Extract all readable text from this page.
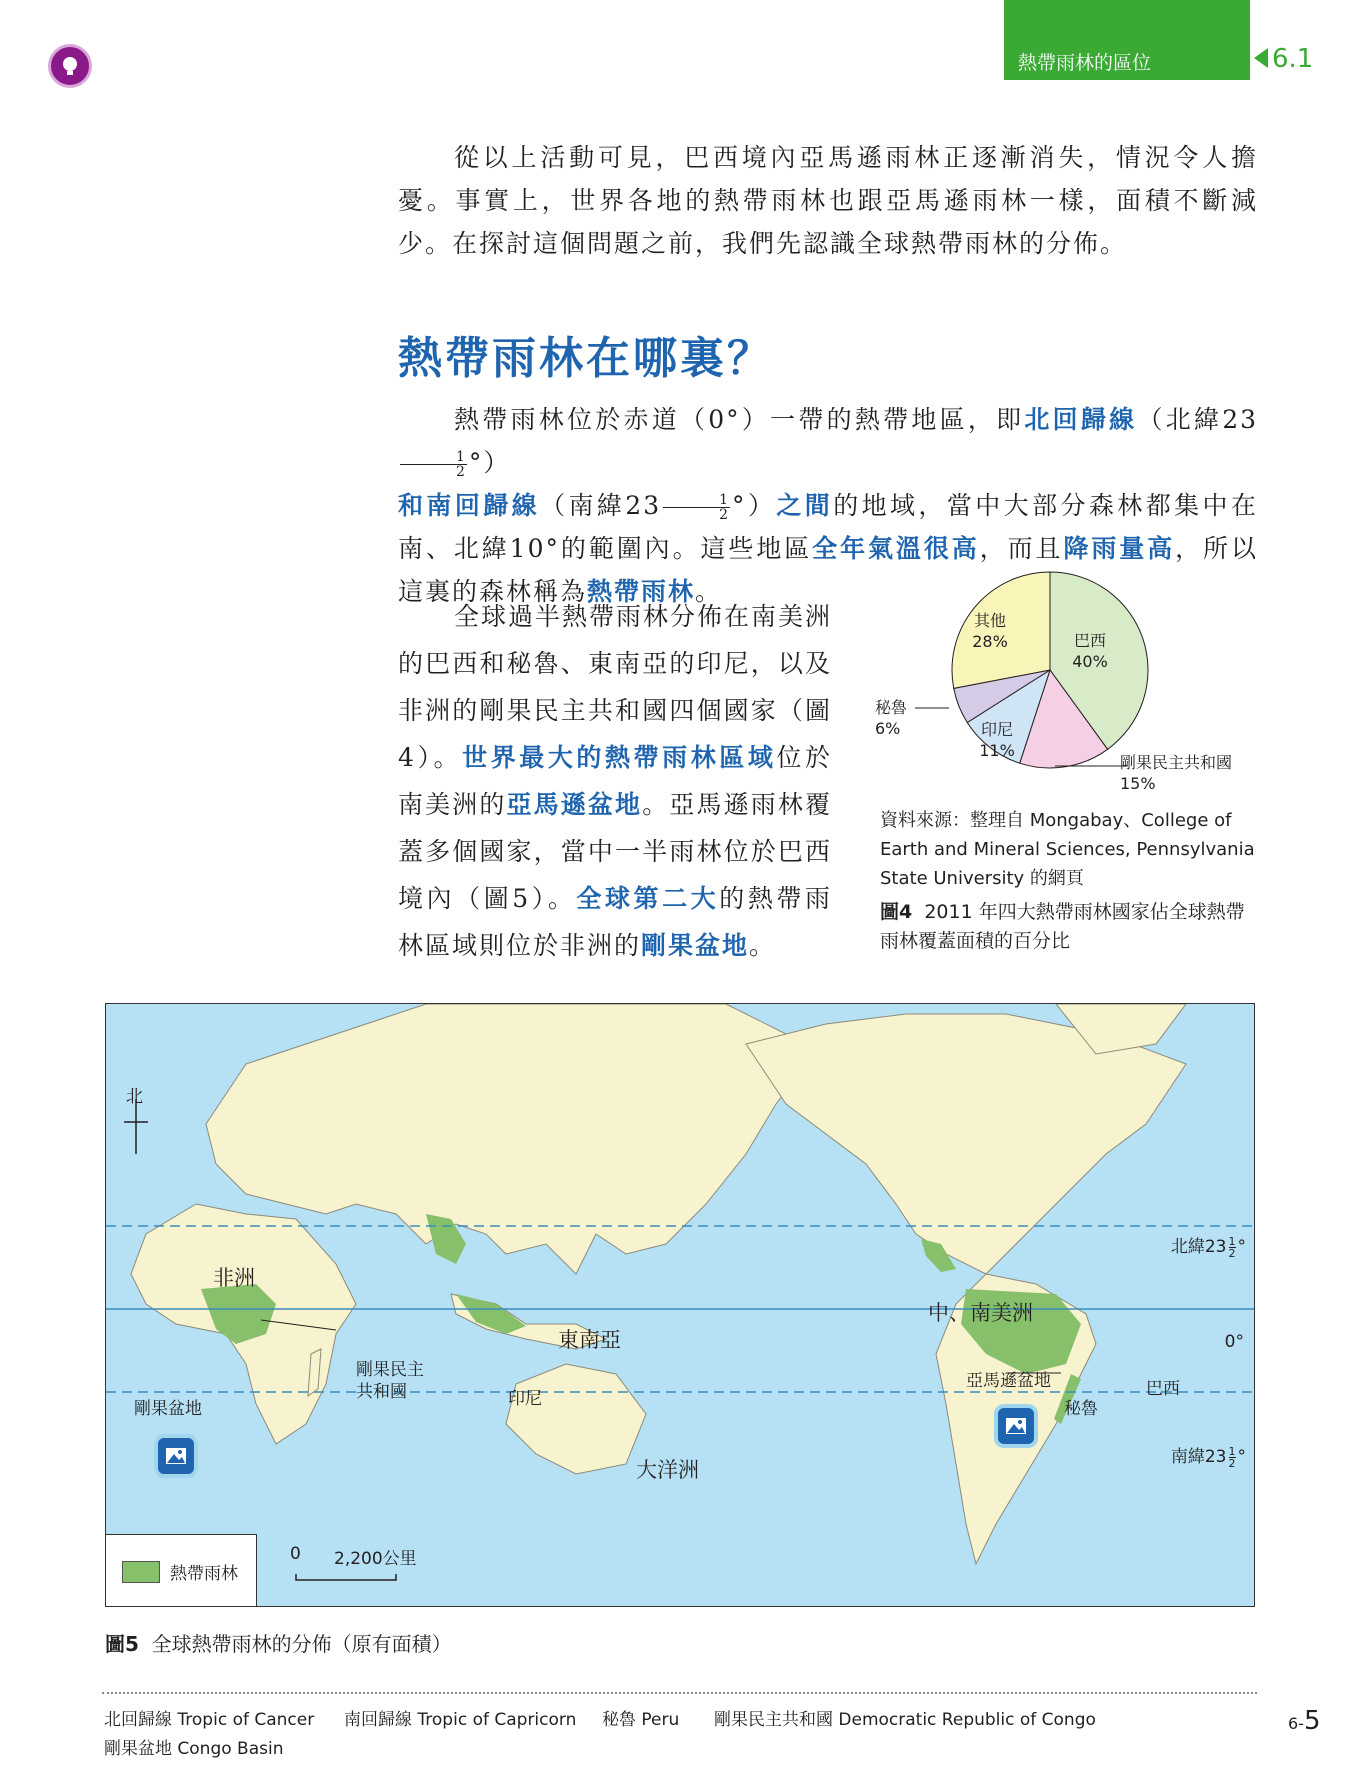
熱帶雨林的區位	6.1
從以上活動可見，巴西境內亞馬遜雨林正逐漸消失，情況令人擔憂。事實上，世界各地的熱帶雨林也跟亞馬遜雨林一樣，面積不斷減少。在探討這個問題之前，我們先認識全球熱帶雨林的分佈。
熱帶雨林在哪裏？
熱帶雨林位於赤道（0°）一帶的熱帶地區，即北回歸線（北緯23
$\frac{1}{2}$ °）
和南回歸線（南緯$23 \frac{1}{2}$ °）之間的地域，當中大部分森林都集中在南、北緯10°的範圍內。這些地區全年氣溫很高，而且降雨量高，所以這裏的森林稱為熱帶雨林。
全球過半熱帶雨林分佈在南美洲的巴西和秘魯、東南亞的印尼，以及非洲的剛果民主共和國四個國家（圖4）。世界最大的熱帶雨林區域位於南美洲的亞馬遜盆地。亞馬遜雨林覆蓋多個國家，當中一半雨林位於巴西境內（圖5）。全球第二大的熱帶雨林區域則位於非洲的剛果盆地。
其他
28%	巴西
40%
印尼
11%
秘魯
6%
剛果民主共和國
15%
資料來源：整理自 Mongabay、College of Earth and Mineral Sciences, Pennsylvania State University 的網頁
圖4 2011 年四大熱帶雨林國家佔全球熱帶雨林覆蓋面積的百分比
北
北緯$23 \frac{1}{2}$ °
0°
南緯$23 \frac{1}{2}$ °
非洲
剛果盆地
剛果民主共和國
東南亞
印尼
大洋洲
中、南美洲
亞馬遜盆地
秘魯
巴西
熱帶雨林
0 2,200公里
圖5 全球熱帶雨林的分佈（原有面積）
北回歸線 Tropic of Cancer 南回歸線 Tropic of Capricorn 秘魯 Peru 剛果民主共和國 Democratic Republic of Congo
剛果盆地 Congo Basin
6-5
